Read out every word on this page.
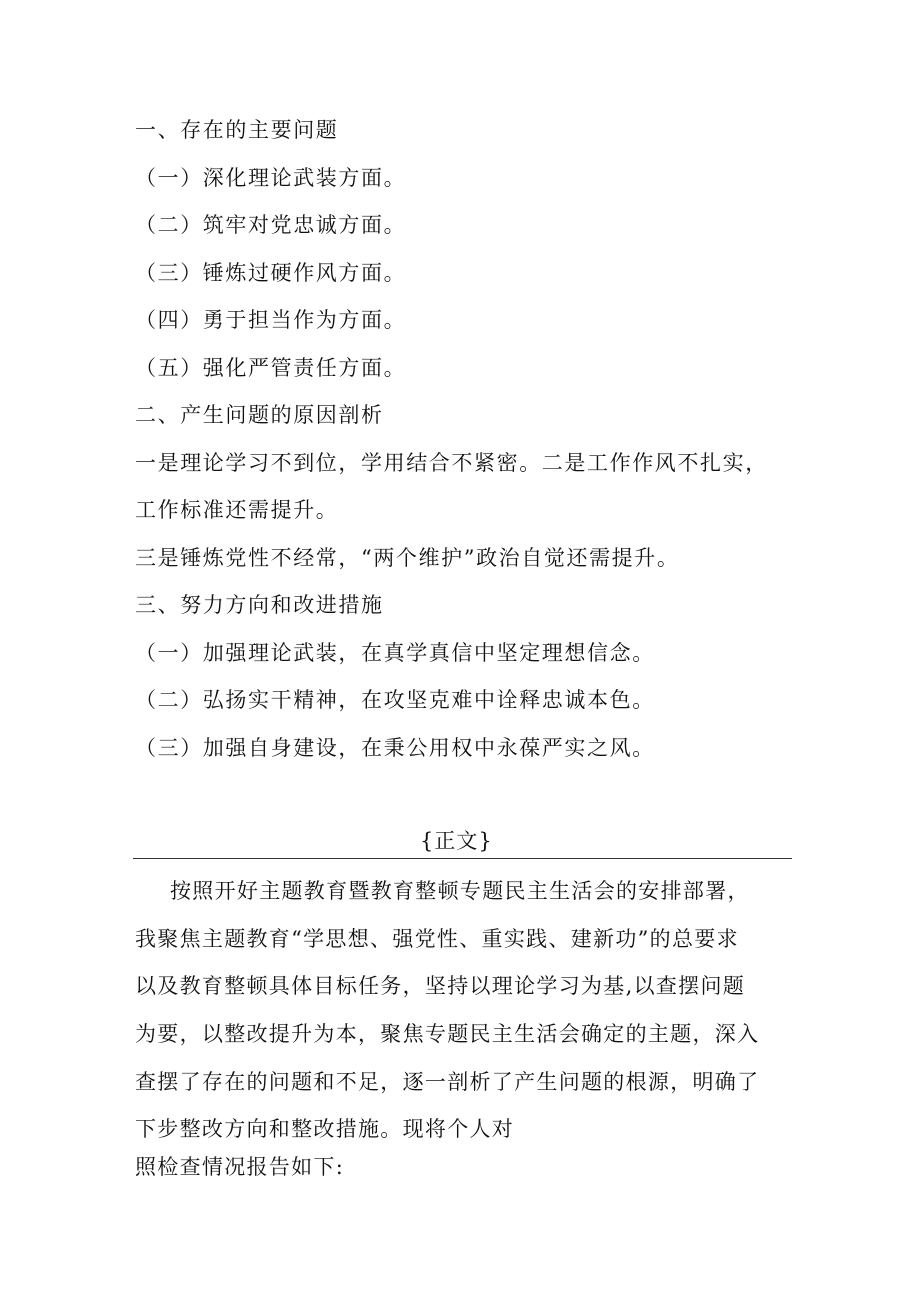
一、存在的主要问题
（一）深化理论武装方面。
（二）筑牢对党忠诚方面。
（三）锤炼过硬作风方面。
（四）勇于担当作为方面。
（五）强化严管责任方面。
二、产生问题的原因剖析
一是理论学习不到位，学用结合不紧密。二是工作作风不扎实，
工作标准还需提升。
三是锤炼党性不经常，“两个维护”政治自觉还需提升。
三、努力方向和改进措施
（一）加强理论武装，在真学真信中坚定理想信念。
（二）弘扬实干精神，在攻坚克难中诠释忠诚本色。
（三）加强自身建设，在秉公用权中永葆严实之风。
{正文}
按照开好主题教育暨教育整顿专题民主生活会的安排部署，
我聚焦主题教育“学思想、强党性、重实践、建新功”的总要求
以及教育整顿具体目标任务，坚持以理论学习为基,以查摆问题
为要，以整改提升为本，聚焦专题民主生活会确定的主题，深入
查摆了存在的问题和不足，逐一剖析了产生问题的根源，明确了
下步整改方向和整改措施。现将个人对
照检查情况报告如下:
